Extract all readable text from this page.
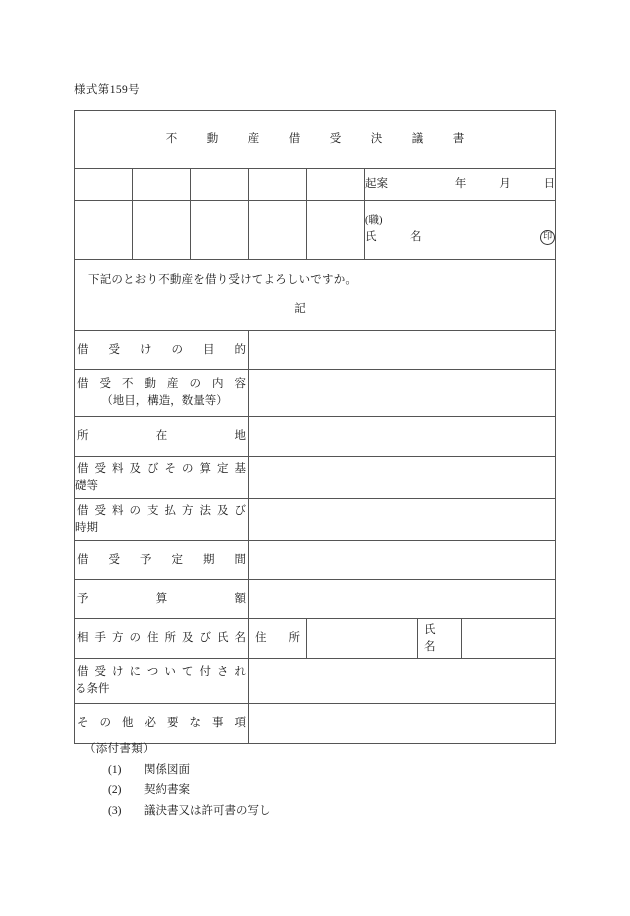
様式第159号
不　動　産　借　受　決　議　書							

					起案 年 月 日		

					(職)
氏　名 印		

下記のとおり不動産を借り受けてよろしいですか。
記							

借受けの目的							

借受不動産の内容
（地目，構造，数量等）							

所在地							

借受料及びその算定基
礎等							

借受料の支払方法及び
時期							

借受予定期間							

予算額							

相手方の住所及び氏名			住　所			氏　名	

借受けについて付され
る条件							

その他必要な事項							

（添付書類）
(1) 関係図面
(2) 契約書案
(3) 議決書又は許可書の写し
